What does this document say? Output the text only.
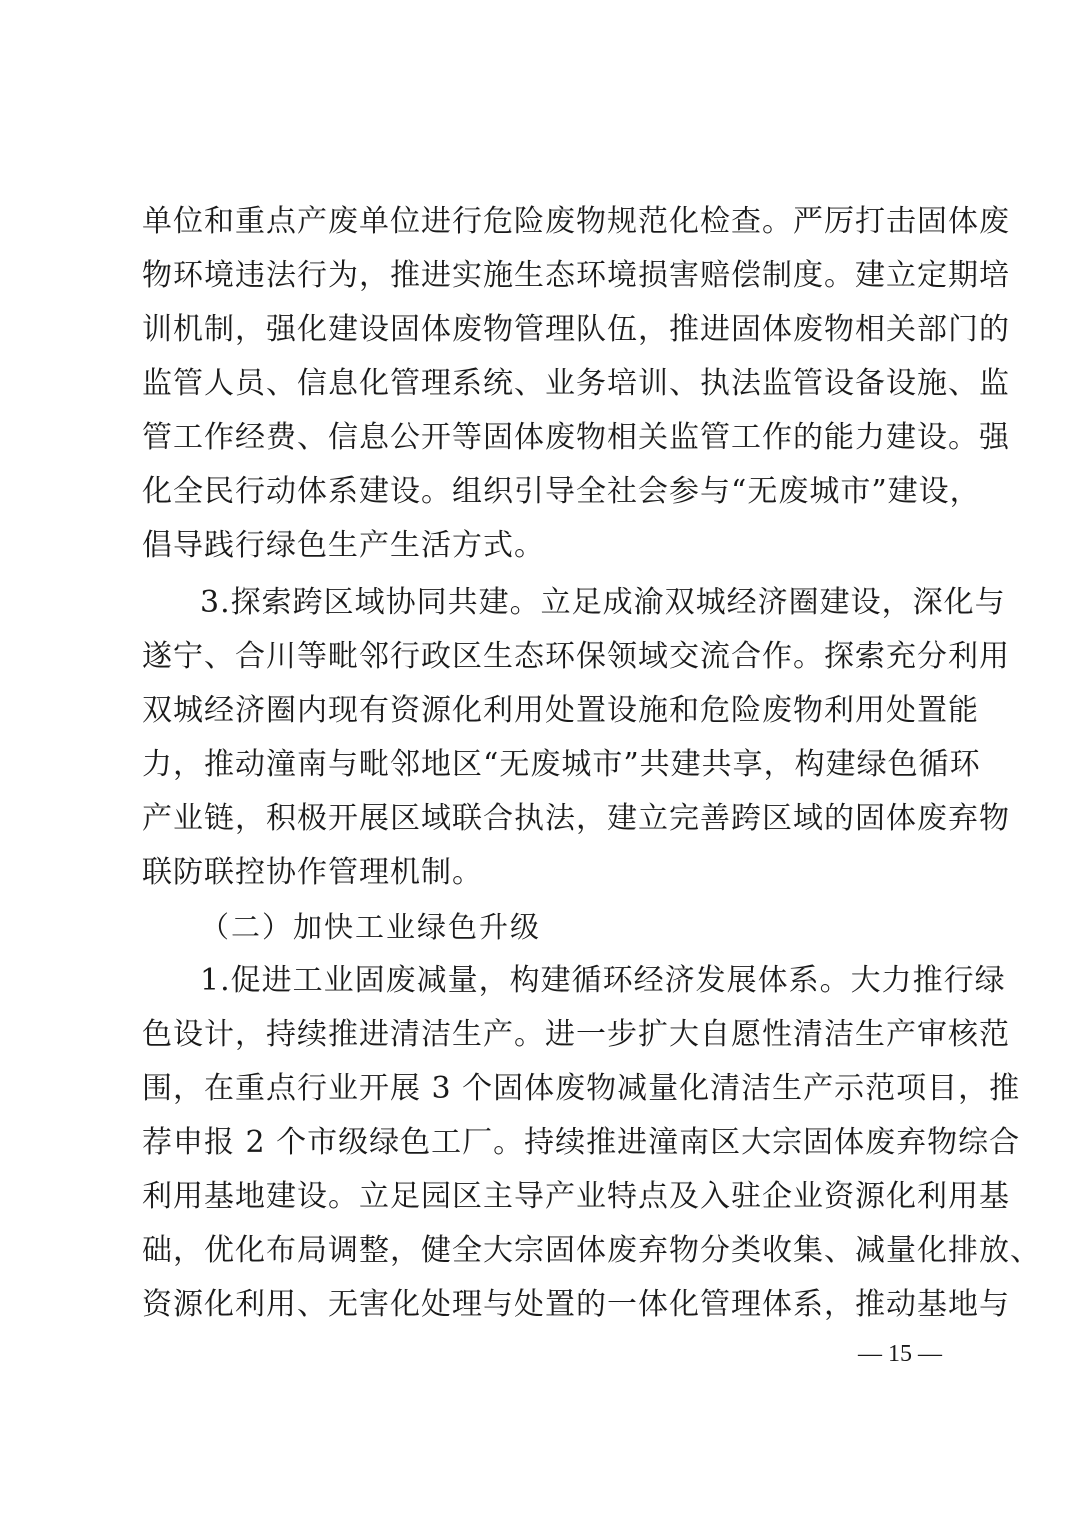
单位和重点产废单位进行危险废物规范化检查。严厉打击固体废
物环境违法行为，推进实施生态环境损害赔偿制度。建立定期培
训机制，强化建设固体废物管理队伍，推进固体废物相关部门的
监管人员、信息化管理系统、业务培训、执法监管设备设施、监
管工作经费、信息公开等固体废物相关监管工作的能力建设。强
化全民行动体系建设。组织引导全社会参与“无废城市”建设，
倡导践行绿色生产生活方式。
3.探索跨区域协同共建。立足成渝双城经济圈建设，深化与
遂宁、合川等毗邻行政区生态环保领域交流合作。探索充分利用
双城经济圈内现有资源化利用处置设施和危险废物利用处置能
力，推动潼南与毗邻地区“无废城市”共建共享，构建绿色循环
产业链，积极开展区域联合执法，建立完善跨区域的固体废弃物
联防联控协作管理机制。
（二）加快工业绿色升级
1.促进工业固废减量，构建循环经济发展体系。大力推行绿
色设计，持续推进清洁生产。进一步扩大自愿性清洁生产审核范
围，在重点行业开展 3 个固体废物减量化清洁生产示范项目，推
荐申报 2 个市级绿色工厂。持续推进潼南区大宗固体废弃物综合
利用基地建设。立足园区主导产业特点及入驻企业资源化利用基
础，优化布局调整，健全大宗固体废弃物分类收集、减量化排放、
资源化利用、无害化处理与处置的一体化管理体系，推动基地与
— 15 —
